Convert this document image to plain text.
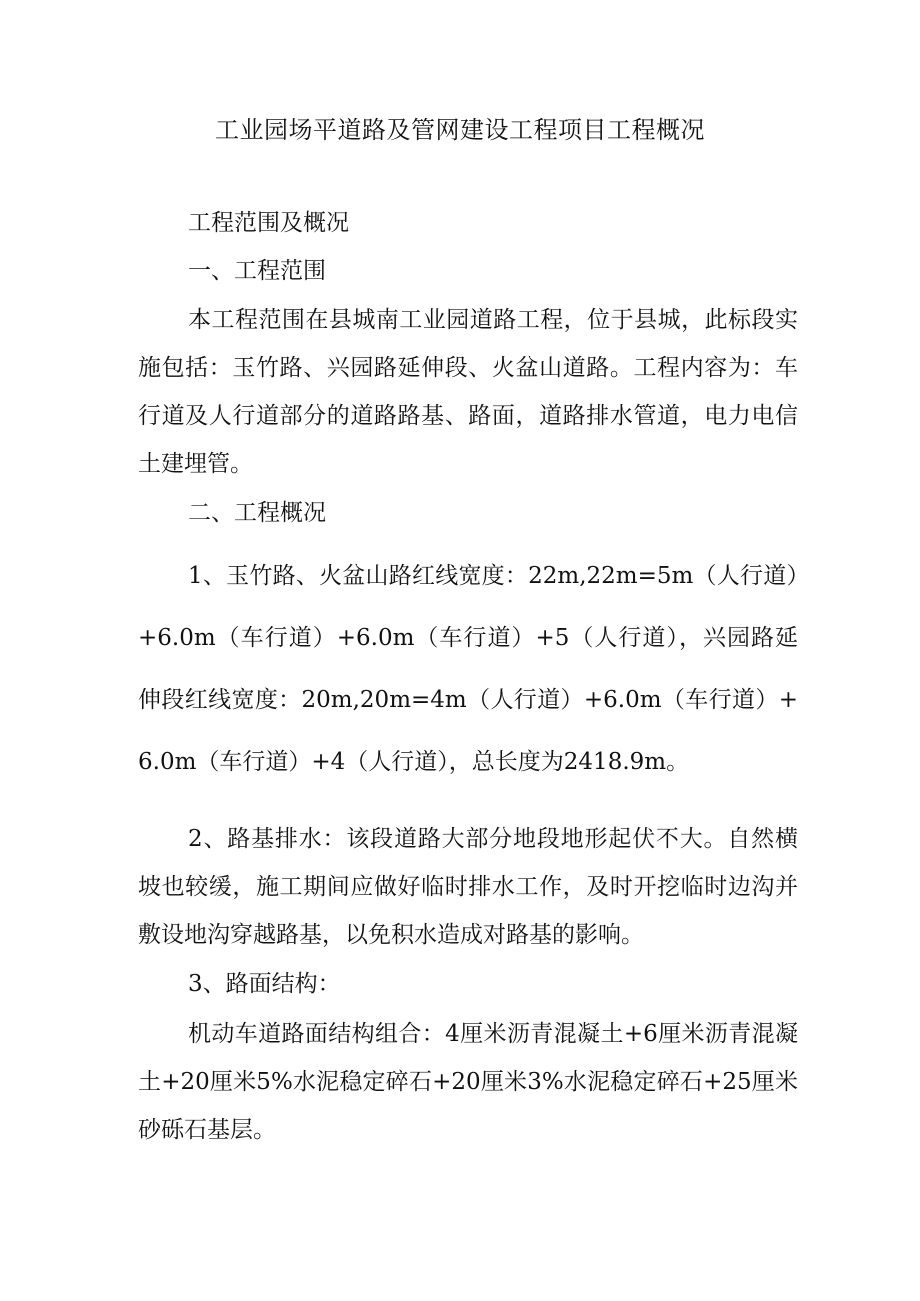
工业园场平道路及管网建设工程项目工程概况

工程范围及概况

一、工程范围

本工程范围在县城南工业园道路工程，位于县城，此标段实施包括：玉竹路、兴园路延伸段、火盆山道路。工程内容为：车行道及人行道部分的道路路基、路面，道路排水管道，电力电信土建埋管。

二、工程概况

1、玉竹路、火盆山路红线宽度：22m,22m=5m（人行道）+6.0m（车行道）+6.0m（车行道）+5（人行道），兴园路延伸段红线宽度：20m,20m=4m（人行道）+6.0m（车行道）+6.0m（车行道）+4（人行道），总长度为2418.9m。

2、路基排水：该段道路大部分地段地形起伏不大。自然横坡也较缓，施工期间应做好临时排水工作，及时开挖临时边沟并敷设地沟穿越路基，以免积水造成对路基的影响。

3、路面结构：

机动车道路面结构组合：4厘米沥青混凝土+6厘米沥青混凝土+20厘米5%水泥稳定碎石+20厘米3%水泥稳定碎石+25厘米砂砾石基层。
